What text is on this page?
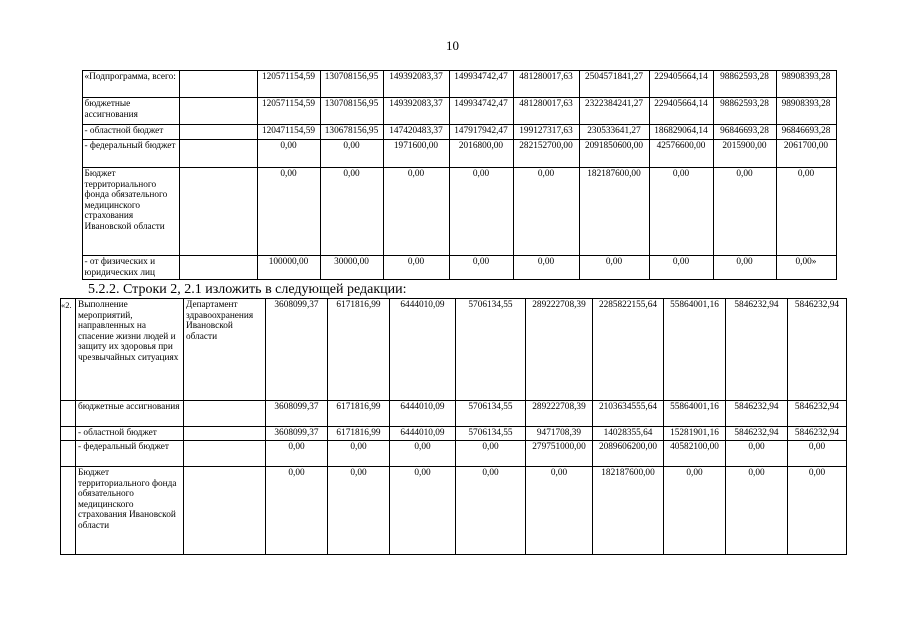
10
	«Подпрограмма, всего:		120571154,59	130708156,95	149392083,37	149934742,47	481280017,63	2504571841,27	229405664,14	98862593,28	98908393,28
	бюджетные ассигнования		120571154,59	130708156,95	149392083,37	149934742,47	481280017,63	2322384241,27	229405664,14	98862593,28	98908393,28
	- областной бюджет		120471154,59	130678156,95	147420483,37	147917942,47	199127317,63	230533641,27	186829064,14	96846693,28	96846693,28
	- федеральный бюджет		0,00	0,00	1971600,00	2016800,00	282152700,00	2091850600,00	42576600,00	2015900,00	2061700,00
	Бюджет территориального фонда обязательного медицинского страхования Ивановской области		0,00	0,00	0,00	0,00	0,00	182187600,00	0,00	0,00	0,00
	- от физических и юридических лиц		100000,00	30000,00	0,00	0,00	0,00	0,00	0,00	0,00	0,00»
5.2.2. Строки 2, 2.1 изложить в следующей редакции:
«2.	Выполнение мероприятий, направленных на спасение жизни людей и защиту их здоровья при чрезвычайных ситуациях	Департамент здравоохранения Ивановской области	3608099,37	6171816,99	6444010,09	5706134,55	289222708,39	2285822155,64	55864001,16	5846232,94	5846232,94
	бюджетные ассигнования		3608099,37	6171816,99	6444010,09	5706134,55	289222708,39	2103634555,64	55864001,16	5846232,94	5846232,94
	- областной бюджет		3608099,37	6171816,99	6444010,09	5706134,55	9471708,39	14028355,64	15281901,16	5846232,94	5846232,94
	- федеральный бюджет		0,00	0,00	0,00	0,00	279751000,00	2089606200,00	40582100,00	0,00	0,00
	Бюджет территориального фонда обязательного медицинского страхования Ивановской области		0,00	0,00	0,00	0,00	0,00	182187600,00	0,00	0,00	0,00
